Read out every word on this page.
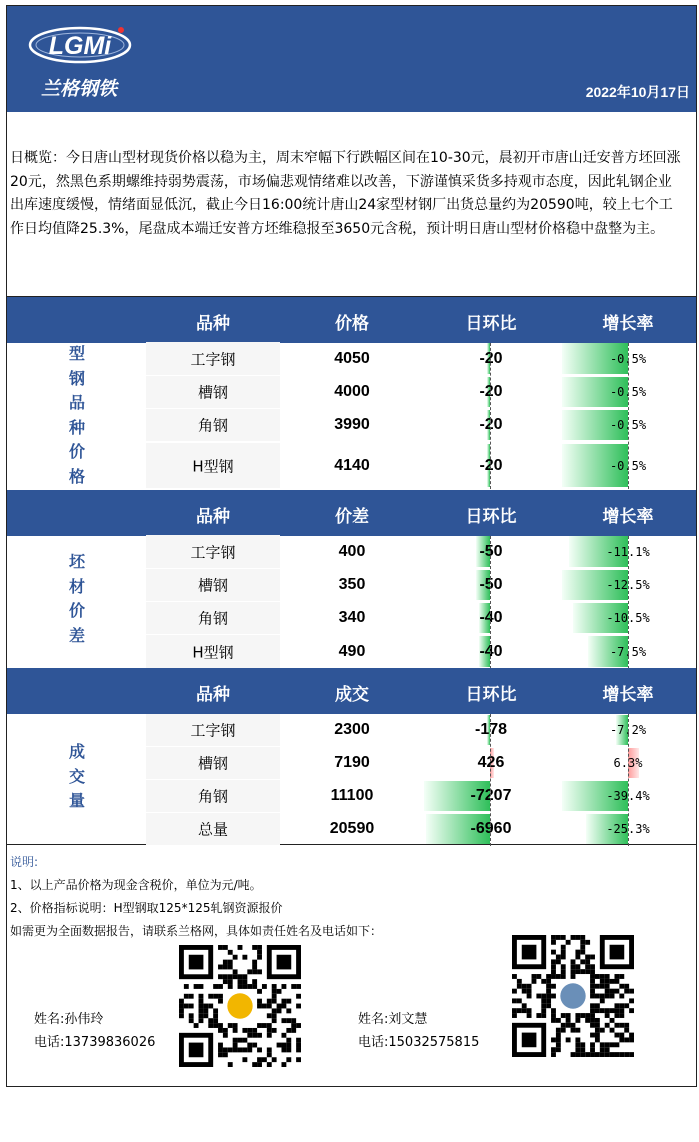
LGMi
兰格钢铁	2022年10月17日
日概览：今日唐山型材现货价格以稳为主，周末窄幅下行跌幅区间在10-30元，晨初开市唐山迁安普方坯回涨20元，然黑色系期螺维持弱势震荡，市场偏悲观情绪难以改善，下游谨慎采货多持观市态度，因此轧钢企业出库速度缓慢，情绪面显低沉，截止今日16:00统计唐山24家型材钢厂出货总量约为20590吨，较上七个工作日均值降25.3%，尾盘成本端迁安普方坯维稳报至3650元含税，预计明日唐山型材价格稳中盘整为主。
品种	价格	日环比	增长率
型
钢
品
种
价
格
工字钢	4050	-20	-0.5%
槽钢	4000	-20	-0.5%
角钢	3990	-20	-0.5%
H型钢	4140	-20	-0.5%
品种	价差	日环比	增长率
坯
材
价
差
工字钢	400	-50	-11.1%
槽钢	350	-50	-12.5%
角钢	340	-40	-10.5%
H型钢	490	-40	-7.5%
品种	成交	日环比	增长率
成
交
量
工字钢	2300	-178	-7.2%
槽钢	7190	426	6.3%
角钢	11100	-7207	-39.4%
总量	20590	-6960	-25.3%
说明:
1、以上产品价格为现金含税价，单位为元/吨。
2、价格指标说明：H型钢取125*125轧钢资源报价
如需更为全面数据报告，请联系兰格网，具体如责任姓名及电话如下：
姓名:孙伟玲
电话:13739836026
姓名:刘文慧
电话:15032575815
